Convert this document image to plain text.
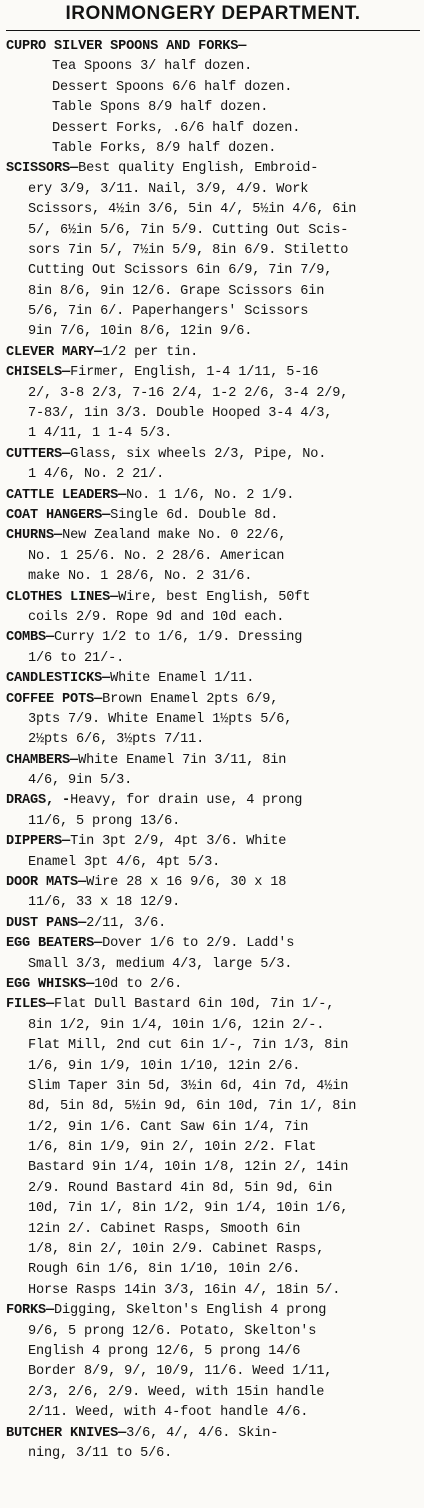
IRONMONGERY DEPARTMENT.
CUPRO SILVER SPOONS AND FORKS—
Tea Spoons 3/ half dozen.
Dessert Spoons 6/6 half dozen.
Table Spons 8/9 half dozen.
Dessert Forks, .6/6 half dozen.
Table Forks, 8/9 half dozen.
SCISSORS—Best quality English, Embroid-
ery 3/9, 3/11. Nail, 3/9, 4/9. Work
Scissors, 4½in 3/6, 5in 4/, 5½in 4/6, 6in
5/, 6½in 5/6, 7in 5/9. Cutting Out Scis-
sors 7in 5/, 7½in 5/9, 8in 6/9. Stiletto
Cutting Out Scissors 6in 6/9, 7in 7/9,
8in 8/6, 9in 12/6. Grape Scissors 6in
5/6, 7in 6/. Paperhangers' Scissors
9in 7/6, 10in 8/6, 12in 9/6.
CLEVER MARY—1/2 per tin.
CHISELS—Firmer, English, 1-4 1/11, 5-16
2/, 3-8 2/3, 7-16 2/4, 1-2 2/6, 3-4 2/9,
7-83/, 1in 3/3. Double Hooped 3-4 4/3,
1 4/11, 1 1-4 5/3.
CUTTERS—Glass, six wheels 2/3, Pipe, No.
1 4/6, No. 2 21/.
CATTLE LEADERS—No. 1 1/6, No. 2 1/9.
COAT HANGERS—Single 6d. Double 8d.
CHURNS—New Zealand make No. 0 22/6,
No. 1 25/6. No. 2 28/6. American
make No. 1 28/6, No. 2 31/6.
CLOTHES LINES—Wire, best English, 50ft
coils 2/9. Rope 9d and 10d each.
COMBS—Curry 1/2 to 1/6, 1/9. Dressing
1/6 to 21/-.
CANDLESTICKS—White Enamel 1/11.
COFFEE POTS—Brown Enamel 2pts 6/9,
3pts 7/9. White Enamel 1½pts 5/6,
2½pts 6/6, 3½pts 7/11.
CHAMBERS—White Enamel 7in 3/11, 8in
4/6, 9in 5/3.
DRAGS, -Heavy, for drain use, 4 prong
11/6, 5 prong 13/6.
DIPPERS—Tin 3pt 2/9, 4pt 3/6. White
Enamel 3pt 4/6, 4pt 5/3.
DOOR MATS—Wire 28 x 16 9/6, 30 x 18
11/6, 33 x 18 12/9.
DUST PANS—2/11, 3/6.
EGG BEATERS—Dover 1/6 to 2/9. Ladd's
Small 3/3, medium 4/3, large 5/3.
EGG WHISKS—10d to 2/6.
FILES—Flat Dull Bastard 6in 10d, 7in 1/-,
8in 1/2, 9in 1/4, 10in 1/6, 12in 2/-.
Flat Mill, 2nd cut 6in 1/-, 7in 1/3, 8in
1/6, 9in 1/9, 10in 1/10, 12in 2/6.
Slim Taper 3in 5d, 3½in 6d, 4in 7d, 4½in
8d, 5in 8d, 5½in 9d, 6in 10d, 7in 1/, 8in
1/2, 9in 1/6. Cant Saw 6in 1/4, 7in
1/6, 8in 1/9, 9in 2/, 10in 2/2. Flat
Bastard 9in 1/4, 10in 1/8, 12in 2/, 14in
2/9. Round Bastard 4in 8d, 5in 9d, 6in
10d, 7in 1/, 8in 1/2, 9in 1/4, 10in 1/6,
12in 2/. Cabinet Rasps, Smooth 6in
1/8, 8in 2/, 10in 2/9. Cabinet Rasps,
Rough 6in 1/6, 8in 1/10, 10in 2/6.
Horse Rasps 14in 3/3, 16in 4/, 18in 5/.
FORKS—Digging, Skelton's English 4 prong
9/6, 5 prong 12/6. Potato, Skelton's
English 4 prong 12/6, 5 prong 14/6
Border 8/9, 9/, 10/9, 11/6. Weed 1/11,
2/3, 2/6, 2/9. Weed, with 15in handle
2/11. Weed, with 4-foot handle 4/6.
BUTCHER KNIVES—3/6, 4/, 4/6. Skin-
ning, 3/11 to 5/6.
